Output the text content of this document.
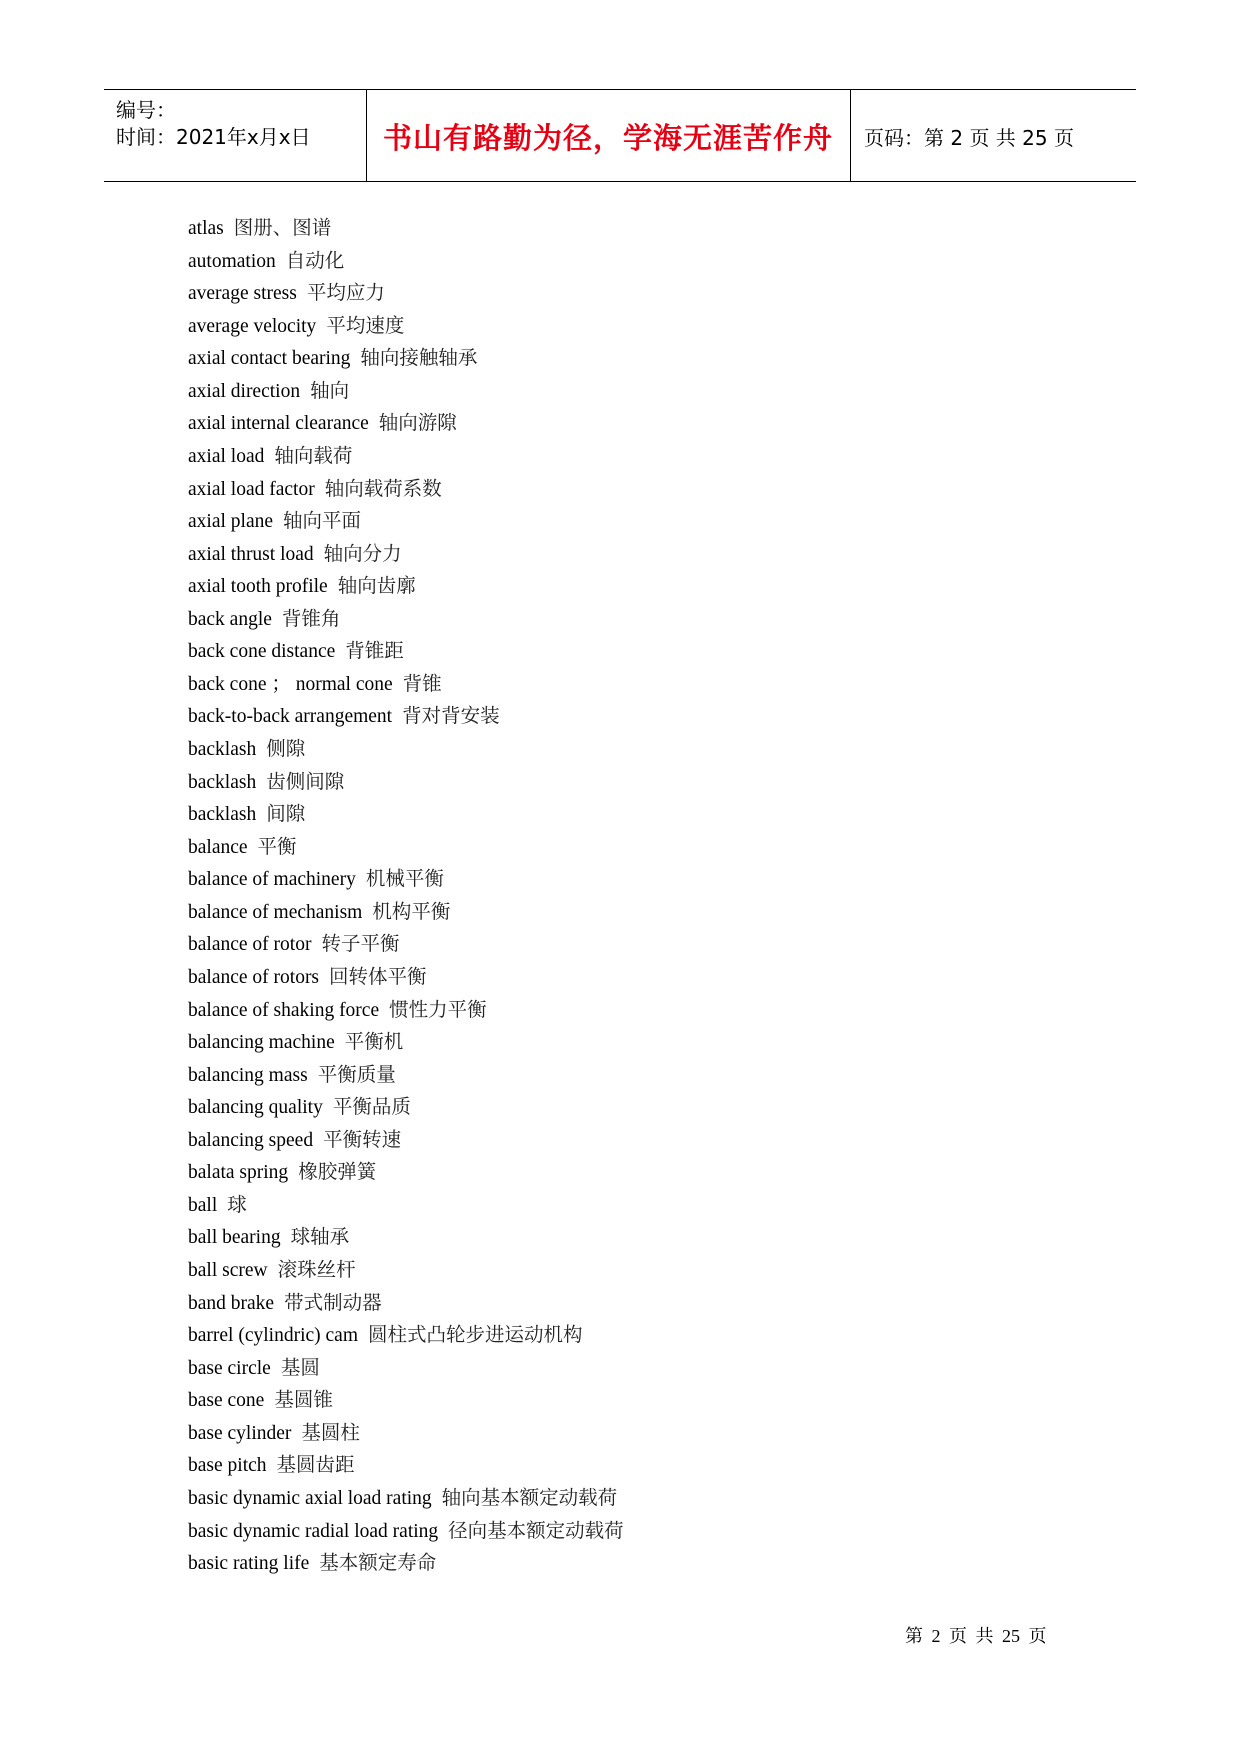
编号：
时间：2021年x月x日	书山有路勤为径，学海无涯苦作舟	页码：第 2 页 共 25 页
atlas 图册、图谱
automation 自动化
average stress 平均应力
average velocity 平均速度
axial contact bearing 轴向接触轴承
axial direction 轴向
axial internal clearance 轴向游隙
axial load 轴向载荷
axial load factor 轴向载荷系数
axial plane 轴向平面
axial thrust load 轴向分力
axial tooth profile 轴向齿廓
back angle 背锥角
back cone distance 背锥距
back cone ； normal cone 背锥
back-to-back arrangement 背对背安装
backlash 侧隙
backlash 齿侧间隙
backlash 间隙
balance 平衡
balance of machinery 机械平衡
balance of mechanism 机构平衡
balance of rotor 转子平衡
balance of rotors 回转体平衡
balance of shaking force 惯性力平衡
balancing machine 平衡机
balancing mass 平衡质量
balancing quality 平衡品质
balancing speed 平衡转速
balata spring 橡胶弹簧
ball 球
ball bearing 球轴承
ball screw 滚珠丝杆
band brake 带式制动器
barrel (cylindric) cam 圆柱式凸轮步进运动机构
base circle 基圆
base cone 基圆锥
base cylinder 基圆柱
base pitch 基圆齿距
basic dynamic axial load rating 轴向基本额定动载荷
basic dynamic radial load rating 径向基本额定动载荷
basic rating life 基本额定寿命
第 2 页 共 25 页
